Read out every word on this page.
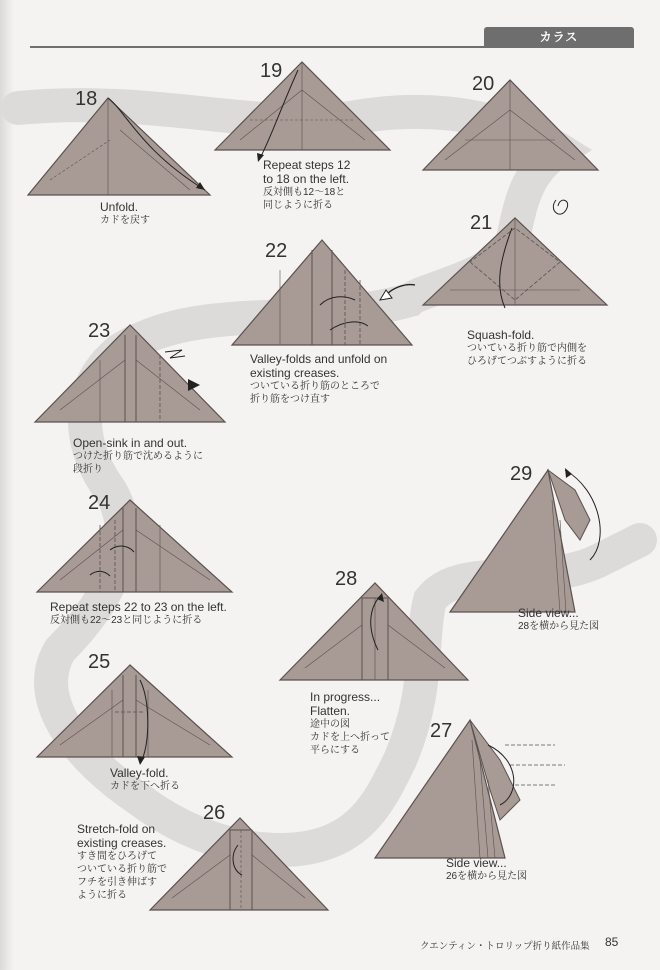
カラス
18
19
20
21
22
23
24
25
26
27
28
29
Unfold.
カドを戻す
Repeat steps 12
to 18 on the left.
反対側も12～18と
同じように折る
Squash-fold.
ついている折り筋で内側を
ひろげてつぶすように折る
Valley-folds and unfold on
existing creases.
ついている折り筋のところで
折り筋をつけ直す
Open-sink in and out.
つけた折り筋で沈めるように
段折り
Repeat steps 22 to 23 on the left.
反対側も22～23と同じように折る
Valley-fold.
カドを下へ折る
Stretch-fold on
existing creases.
すき間をひろげて
ついている折り筋で
フチを引き伸ばす
ように折る
Side view...
26を横から見た図
In progress...
Flatten.
途中の図
カドを上へ折って
平らにする
Side view...
28を横から見た図
クエンティン・トロリップ折り紙作品集 85
